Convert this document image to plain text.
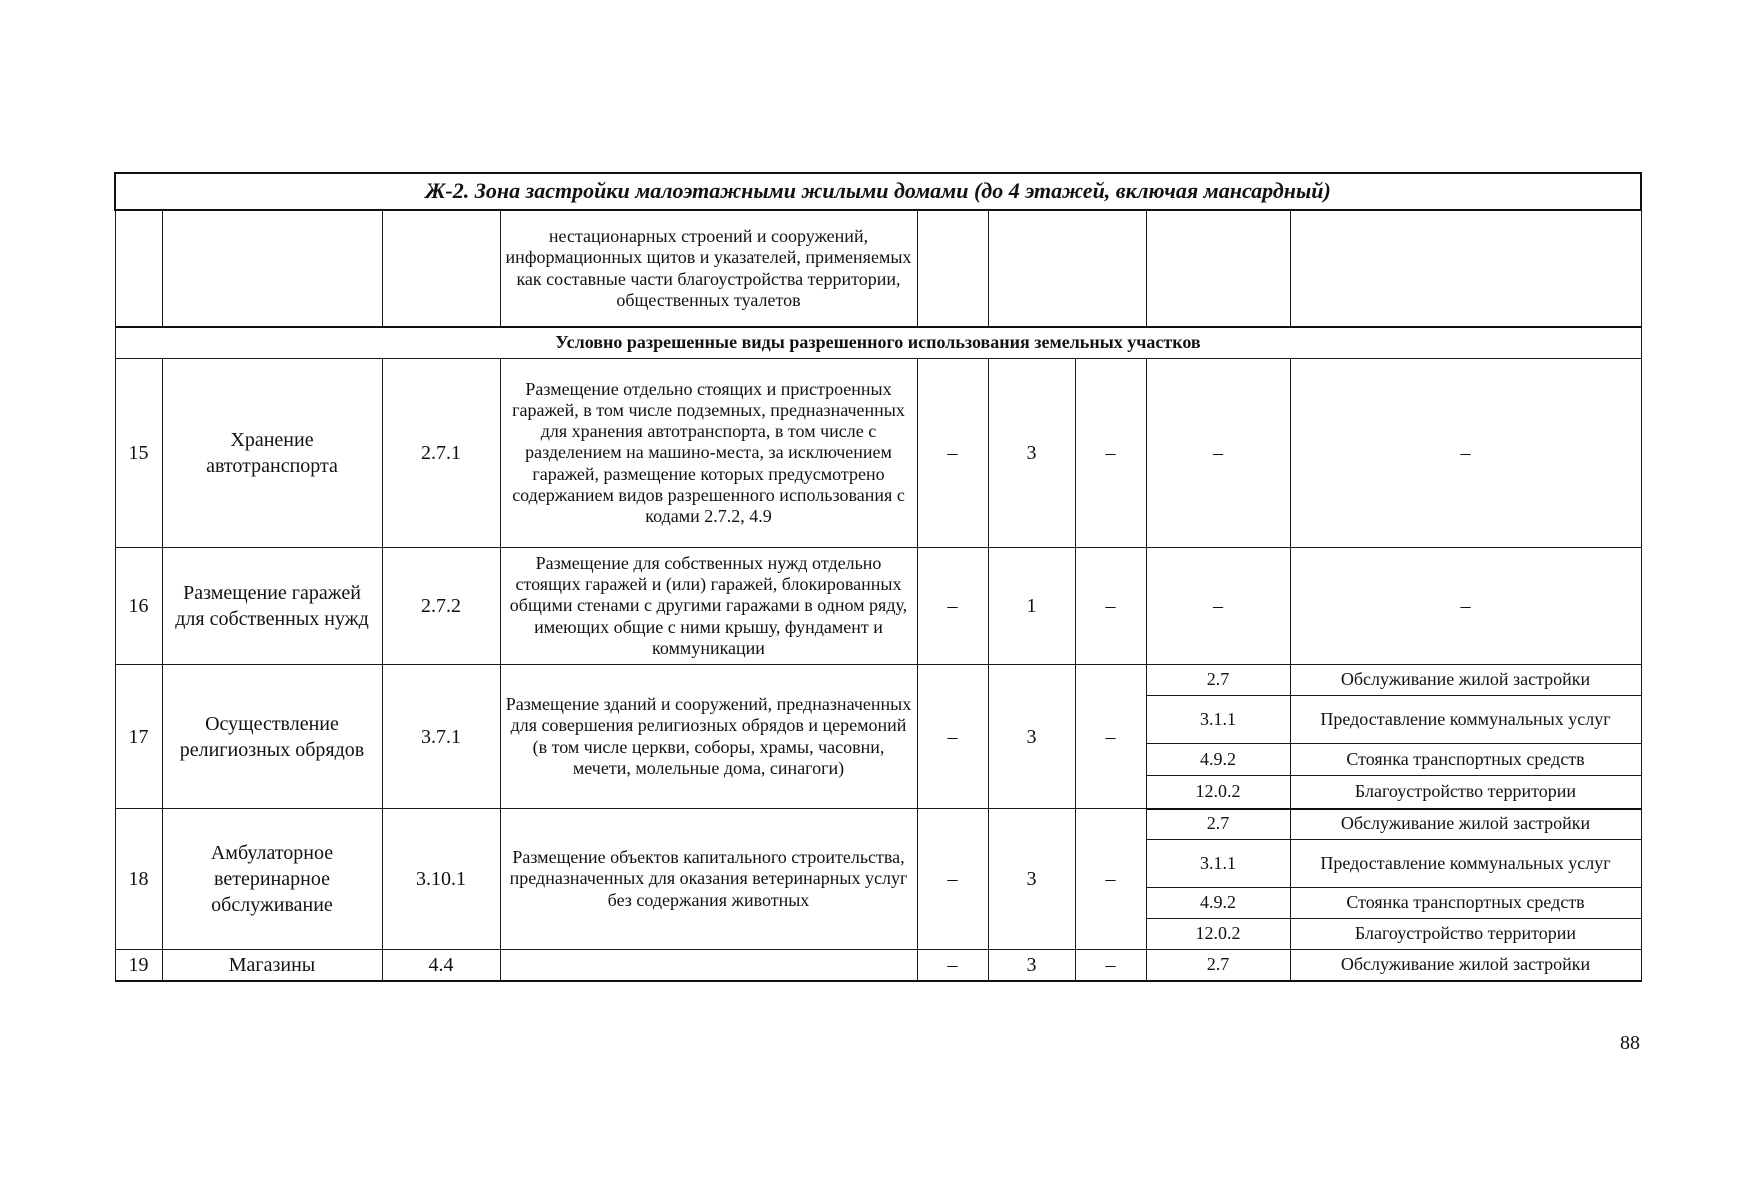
Ж-2. Зона застройки малоэтажными жилыми домами (до 4 этажей, включая мансардный)								
			нестационарных строений и сооружений, информационных щитов и указателей, применяемых как составные части благоустройства территории, общественных туалетов					
Условно разрешенные виды разрешенного использования земельных участков								
15	Хранение автотранспорта	2.7.1	Размещение отдельно стоящих и пристроенных гаражей, в том числе подземных, предназначенных для хранения автотранспорта, в том числе с разделением на машино-места, за исключением гаражей, размещение которых предусмотрено содержанием видов разрешенного использования с кодами 2.7.2, 4.9	–	3	–	–	–
16	Размещение гаражей для собственных нужд	2.7.2	Размещение для собственных нужд отдельно стоящих гаражей и (или) гаражей, блокированных общими стенами с другими гаражами в одном ряду, имеющих общие с ними крышу, фундамент и коммуникации	–	1	–	–	–
17	Осуществление религиозных обрядов	3.7.1	Размещение зданий и сооружений, предназначенных для совершения религиозных обрядов и церемоний (в том числе церкви, соборы, храмы, часовни, мечети, молельные дома, синагоги)	–	3	–	2.7	Обслуживание жилой застройки
							3.1.1	Предоставление коммунальных услуг
							4.9.2	Стоянка транспортных средств
							12.0.2	Благоустройство территории
18	Амбулаторное ветеринарное обслуживание	3.10.1	Размещение объектов капитального строительства, предназначенных для оказания ветеринарных услуг без содержания животных	–	3	–	2.7	Обслуживание жилой застройки
							3.1.1	Предоставление коммунальных услуг
							4.9.2	Стоянка транспортных средств
							12.0.2	Благоустройство территории
19	Магазины	4.4		–	3	–	2.7	Обслуживание жилой застройки
88
